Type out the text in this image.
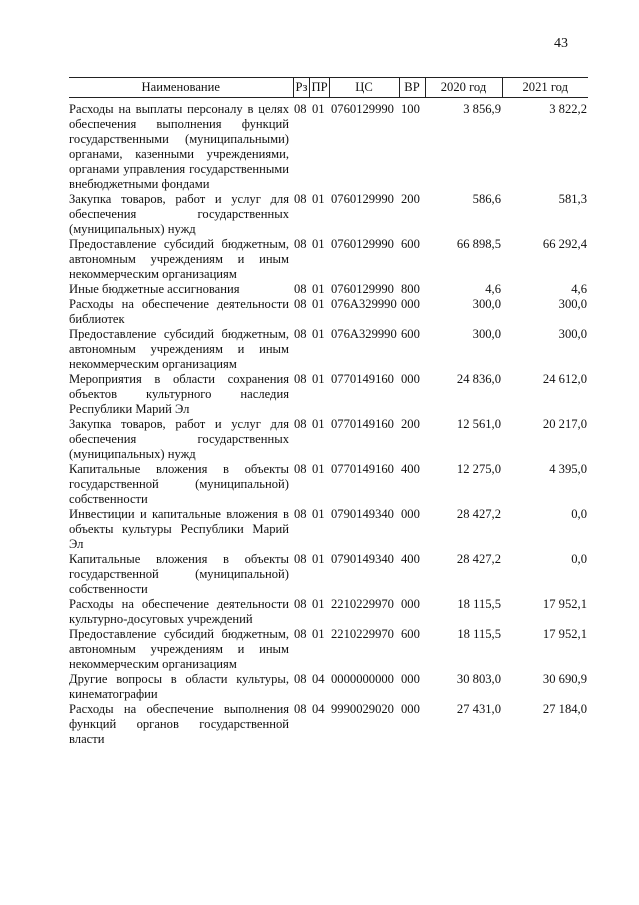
43
Наименование	Рз	ПР	ЦС	ВР	2020 год	2021 год
Расходы на выплаты персоналу в целях обеспечения выполнения функций государственными (муниципальными) органами, казенными учреждениями, органами управления государственными внебюджетными фондами	08	01	0760129990	100	3 856,9	3 822,2
Закупка товаров, работ и услуг для обеспечения государственных (муниципальных) нужд	08	01	0760129990	200	586,6	581,3
Предоставление субсидий бюджетным, автономным учреждениям и иным некоммерческим организациям	08	01	0760129990	600	66 898,5	66 292,4
Иные бюджетные ассигнования	08	01	0760129990	800	4,6	4,6
Расходы на обеспечение деятельности библиотек	08	01	076А329990	000	300,0	300,0
Предоставление субсидий бюджетным, автономным учреждениям и иным некоммерческим организациям	08	01	076А329990	600	300,0	300,0
Мероприятия в области сохранения объектов культурного наследия Республики Марий Эл	08	01	0770149160	000	24 836,0	24 612,0
Закупка товаров, работ и услуг для обеспечения государственных (муниципальных) нужд	08	01	0770149160	200	12 561,0	20 217,0
Капитальные вложения в объекты государственной (муниципальной) собственности	08	01	0770149160	400	12 275,0	4 395,0
Инвестиции и капитальные вложения в объекты культуры Республики Марий Эл	08	01	0790149340	000	28 427,2	0,0
Капитальные вложения в объекты государственной (муниципальной) собственности	08	01	0790149340	400	28 427,2	0,0
Расходы на обеспечение деятельности культурно-досуговых учреждений	08	01	2210229970	000	18 115,5	17 952,1
Предоставление субсидий бюджетным, автономным учреждениям и иным некоммерческим организациям	08	01	2210229970	600	18 115,5	17 952,1
Другие вопросы в области культуры, кинематографии	08	04	0000000000	000	30 803,0	30 690,9
Расходы на обеспечение выполнения функций органов государственной власти	08	04	9990029020	000	27 431,0	27 184,0
